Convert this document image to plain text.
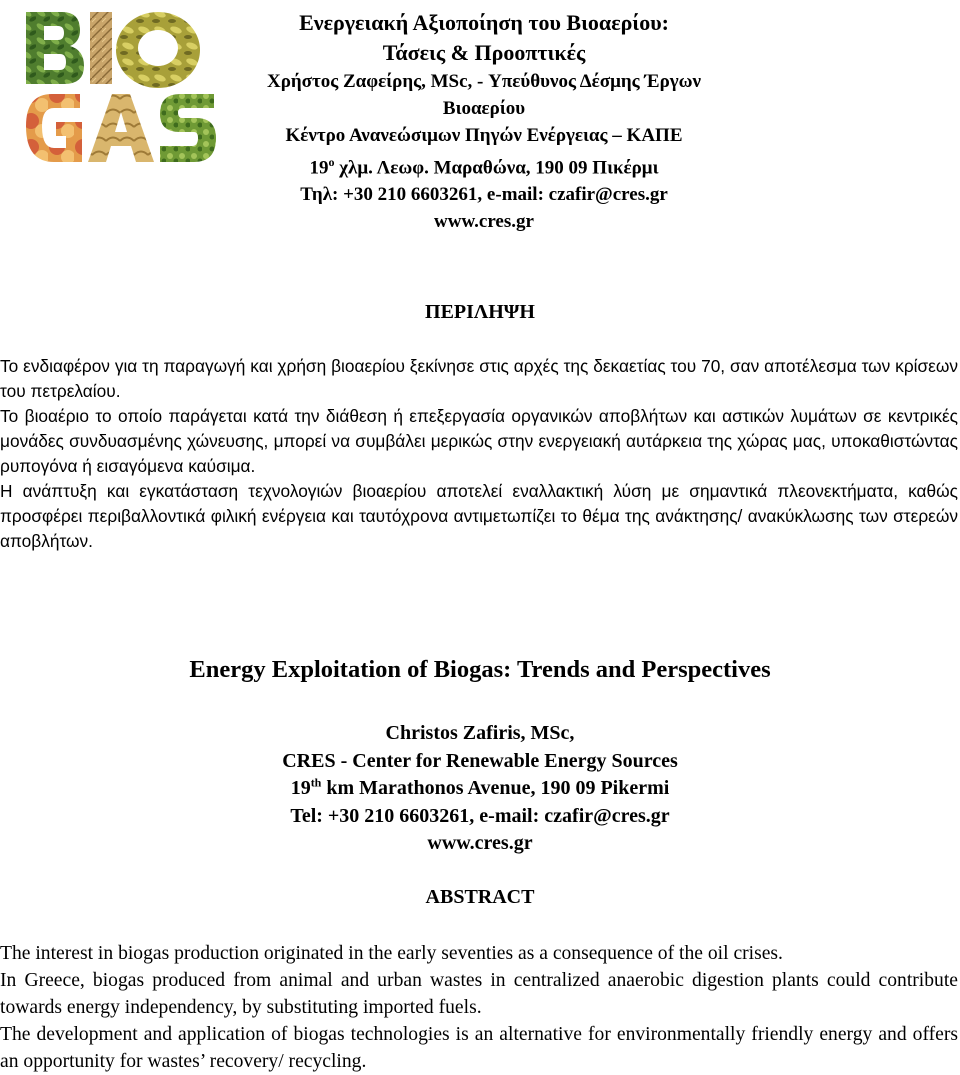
Ενεργειακή Αξιοποίηση του Βιοαερίου:
Τάσεις & Προοπτικές
Χρήστος Ζαφείρης, MSc, - Υπεύθυνος Δέσμης Έργων
Βιοαερίου
Κέντρο Ανανεώσιμων Πηγών Ενέργειας – ΚΑΠΕ
$19^o$ χλμ. Λεωφ. Μαραθώνα, 190 09 Πικέρμι
Τηλ: +30 210 6603261, e-mail: czafir@cres.gr
www.cres.gr
ΠΕΡΙΛΗΨΗ

Το ενδιαφέρον για τη παραγωγή και χρήση βιοαερίου ξεκίνησε στις αρχές της δεκαετίας του 70, σαν αποτέλεσμα των κρίσεων του πετρελαίου.

Το βιοαέριο το οποίο παράγεται κατά την διάθεση ή επεξεργασία οργανικών αποβλήτων και αστικών λυμάτων σε κεντρικές μονάδες συνδυασμένης χώνευσης, μπορεί να συμβάλει μερικώς στην ενεργειακή αυτάρκεια της χώρας μας, υποκαθιστώντας ρυπογόνα ή εισαγόμενα καύσιμα.

Η ανάπτυξη και εγκατάσταση τεχνολογιών βιοαερίου αποτελεί εναλλακτική λύση με σημαντικά πλεονεκτήματα, καθώς προσφέρει περιβαλλοντικά φιλική ενέργεια και ταυτόχρονα αντιμετωπίζει το θέμα της ανάκτησης/ ανακύκλωσης των στερεών αποβλήτων.

Energy Exploitation of Biogas: Trends and Perspectives
Christos Zafiris, MSc,
CRES - Center for Renewable Energy Sources
19th km Marathonos Avenue, 190 09 Pikermi
Tel: +30 210 6603261, e-mail: czafir@cres.gr
www.cres.gr
ABSTRACT

The interest in biogas production originated in the early seventies as a consequence of the oil crises.

In Greece, biogas produced from animal and urban wastes in centralized anaerobic digestion plants could contribute towards energy independency, by substituting imported fuels.

The development and application of biogas technologies is an alternative for environmentally friendly energy and offers an opportunity for wastes’ recovery/ recycling.
